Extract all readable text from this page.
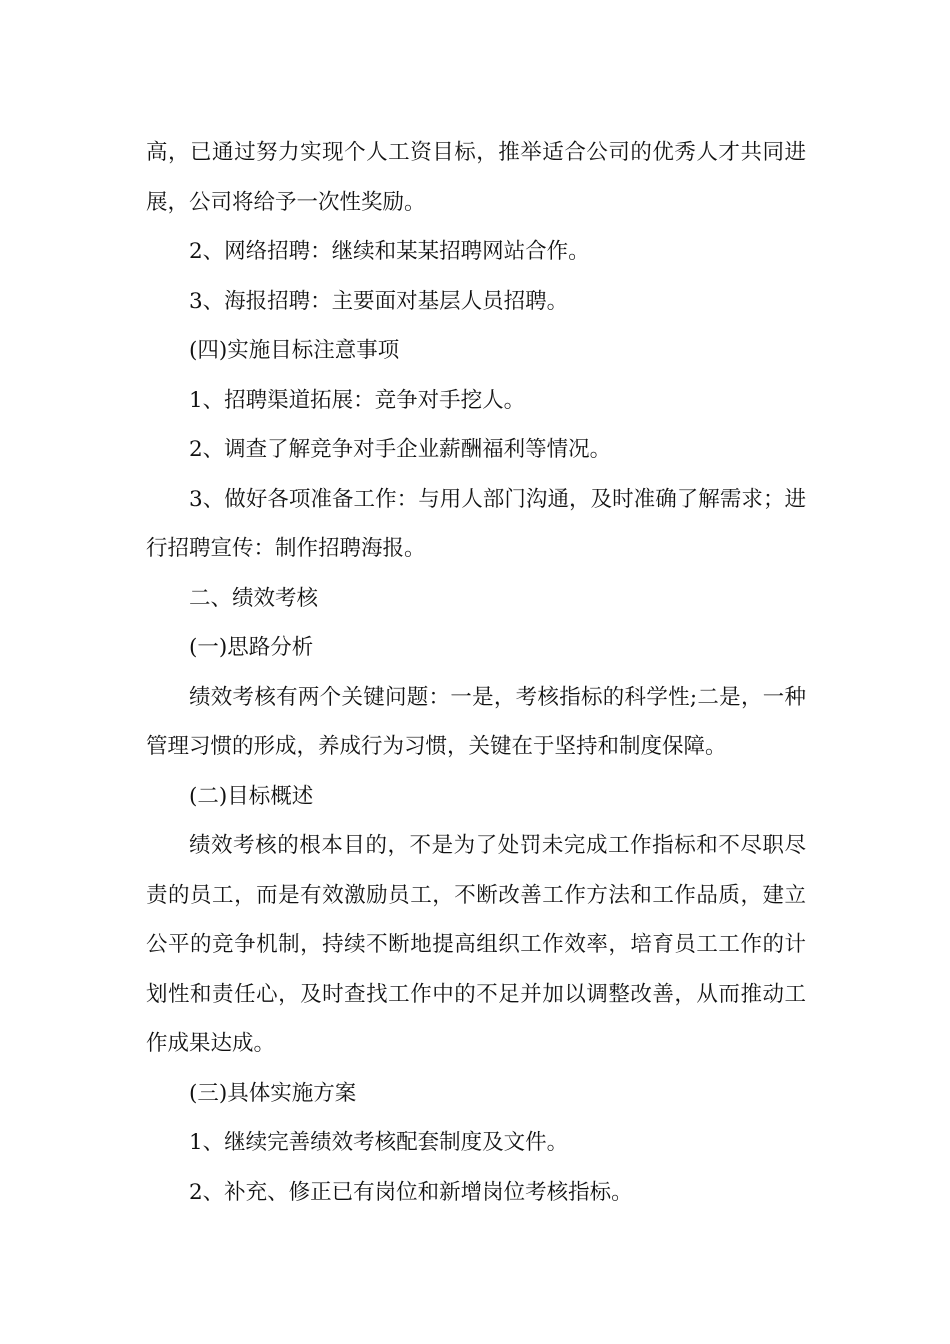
高，已通过努力实现个人工资目标，推举适合公司的优秀人才共同进展，公司将给予一次性奖励。

2、网络招聘：继续和某某招聘网站合作。

3、海报招聘：主要面对基层人员招聘。

(四)实施目标注意事项

1、招聘渠道拓展：竞争对手挖人。

2、调查了解竞争对手企业薪酬福利等情况。

3、做好各项准备工作：与用人部门沟通，及时准确了解需求；进行招聘宣传：制作招聘海报。

二、绩效考核

(一)思路分析

绩效考核有两个关键问题：一是，考核指标的科学性;二是，一种管理习惯的形成，养成行为习惯，关键在于坚持和制度保障。

(二)目标概述

绩效考核的根本目的，不是为了处罚未完成工作指标和不尽职尽责的员工，而是有效激励员工，不断改善工作方法和工作品质，建立公平的竞争机制，持续不断地提高组织工作效率，培育员工工作的计划性和责任心，及时查找工作中的不足并加以调整改善，从而推动工作成果达成。

(三)具体实施方案

1、继续完善绩效考核配套制度及文件。

2、补充、修正已有岗位和新增岗位考核指标。
